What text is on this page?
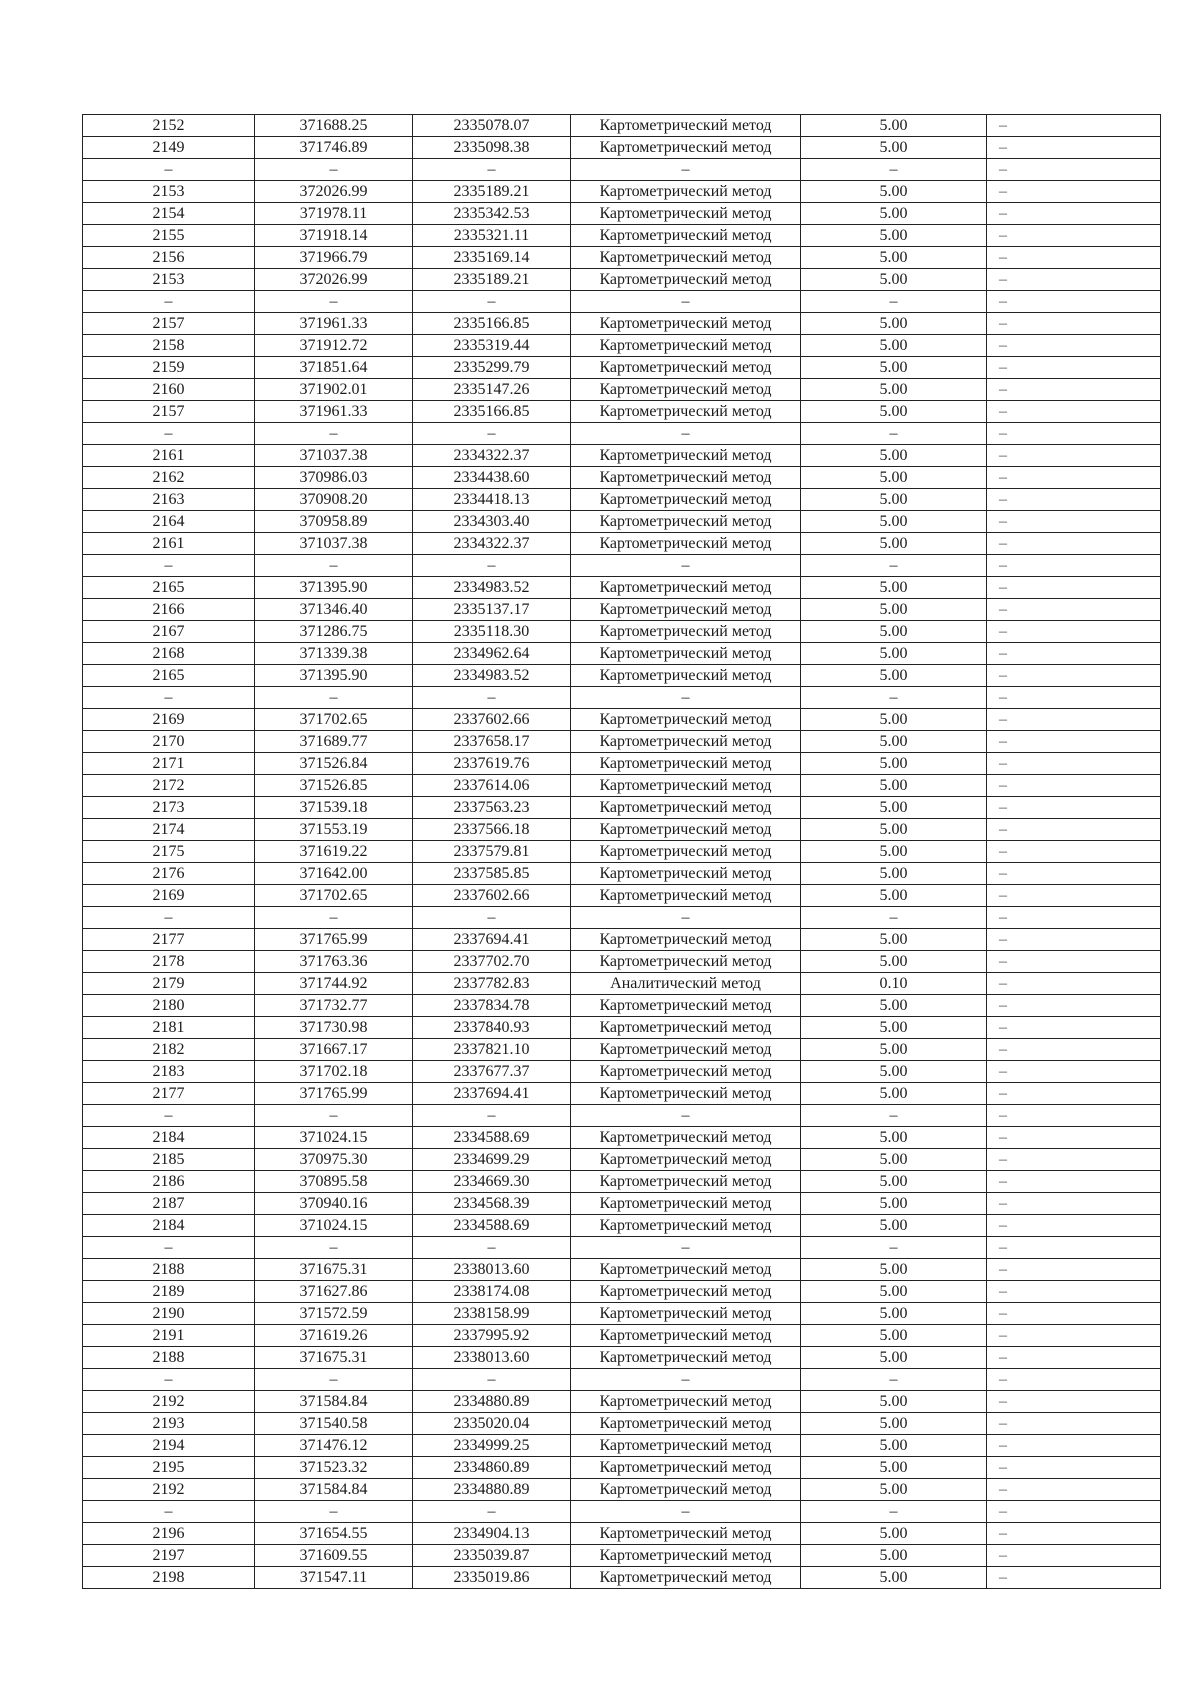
2152	371688.25	2335078.07	Картометрический метод	5.00	–
2149	371746.89	2335098.38	Картометрический метод	5.00	–
–	–	–	–	–	–
2153	372026.99	2335189.21	Картометрический метод	5.00	–
2154	371978.11	2335342.53	Картометрический метод	5.00	–
2155	371918.14	2335321.11	Картометрический метод	5.00	–
2156	371966.79	2335169.14	Картометрический метод	5.00	–
2153	372026.99	2335189.21	Картометрический метод	5.00	–
–	–	–	–	–	–
2157	371961.33	2335166.85	Картометрический метод	5.00	–
2158	371912.72	2335319.44	Картометрический метод	5.00	–
2159	371851.64	2335299.79	Картометрический метод	5.00	–
2160	371902.01	2335147.26	Картометрический метод	5.00	–
2157	371961.33	2335166.85	Картометрический метод	5.00	–
–	–	–	–	–	–
2161	371037.38	2334322.37	Картометрический метод	5.00	–
2162	370986.03	2334438.60	Картометрический метод	5.00	–
2163	370908.20	2334418.13	Картометрический метод	5.00	–
2164	370958.89	2334303.40	Картометрический метод	5.00	–
2161	371037.38	2334322.37	Картометрический метод	5.00	–
–	–	–	–	–	–
2165	371395.90	2334983.52	Картометрический метод	5.00	–
2166	371346.40	2335137.17	Картометрический метод	5.00	–
2167	371286.75	2335118.30	Картометрический метод	5.00	–
2168	371339.38	2334962.64	Картометрический метод	5.00	–
2165	371395.90	2334983.52	Картометрический метод	5.00	–
–	–	–	–	–	–
2169	371702.65	2337602.66	Картометрический метод	5.00	–
2170	371689.77	2337658.17	Картометрический метод	5.00	–
2171	371526.84	2337619.76	Картометрический метод	5.00	–
2172	371526.85	2337614.06	Картометрический метод	5.00	–
2173	371539.18	2337563.23	Картометрический метод	5.00	–
2174	371553.19	2337566.18	Картометрический метод	5.00	–
2175	371619.22	2337579.81	Картометрический метод	5.00	–
2176	371642.00	2337585.85	Картометрический метод	5.00	–
2169	371702.65	2337602.66	Картометрический метод	5.00	–
–	–	–	–	–	–
2177	371765.99	2337694.41	Картометрический метод	5.00	–
2178	371763.36	2337702.70	Картометрический метод	5.00	–
2179	371744.92	2337782.83	Аналитический метод	0.10	–
2180	371732.77	2337834.78	Картометрический метод	5.00	–
2181	371730.98	2337840.93	Картометрический метод	5.00	–
2182	371667.17	2337821.10	Картометрический метод	5.00	–
2183	371702.18	2337677.37	Картометрический метод	5.00	–
2177	371765.99	2337694.41	Картометрический метод	5.00	–
–	–	–	–	–	–
2184	371024.15	2334588.69	Картометрический метод	5.00	–
2185	370975.30	2334699.29	Картометрический метод	5.00	–
2186	370895.58	2334669.30	Картометрический метод	5.00	–
2187	370940.16	2334568.39	Картометрический метод	5.00	–
2184	371024.15	2334588.69	Картометрический метод	5.00	–
–	–	–	–	–	–
2188	371675.31	2338013.60	Картометрический метод	5.00	–
2189	371627.86	2338174.08	Картометрический метод	5.00	–
2190	371572.59	2338158.99	Картометрический метод	5.00	–
2191	371619.26	2337995.92	Картометрический метод	5.00	–
2188	371675.31	2338013.60	Картометрический метод	5.00	–
–	–	–	–	–	–
2192	371584.84	2334880.89	Картометрический метод	5.00	–
2193	371540.58	2335020.04	Картометрический метод	5.00	–
2194	371476.12	2334999.25	Картометрический метод	5.00	–
2195	371523.32	2334860.89	Картометрический метод	5.00	–
2192	371584.84	2334880.89	Картометрический метод	5.00	–
–	–	–	–	–	–
2196	371654.55	2334904.13	Картометрический метод	5.00	–
2197	371609.55	2335039.87	Картометрический метод	5.00	–
2198	371547.11	2335019.86	Картометрический метод	5.00	–
